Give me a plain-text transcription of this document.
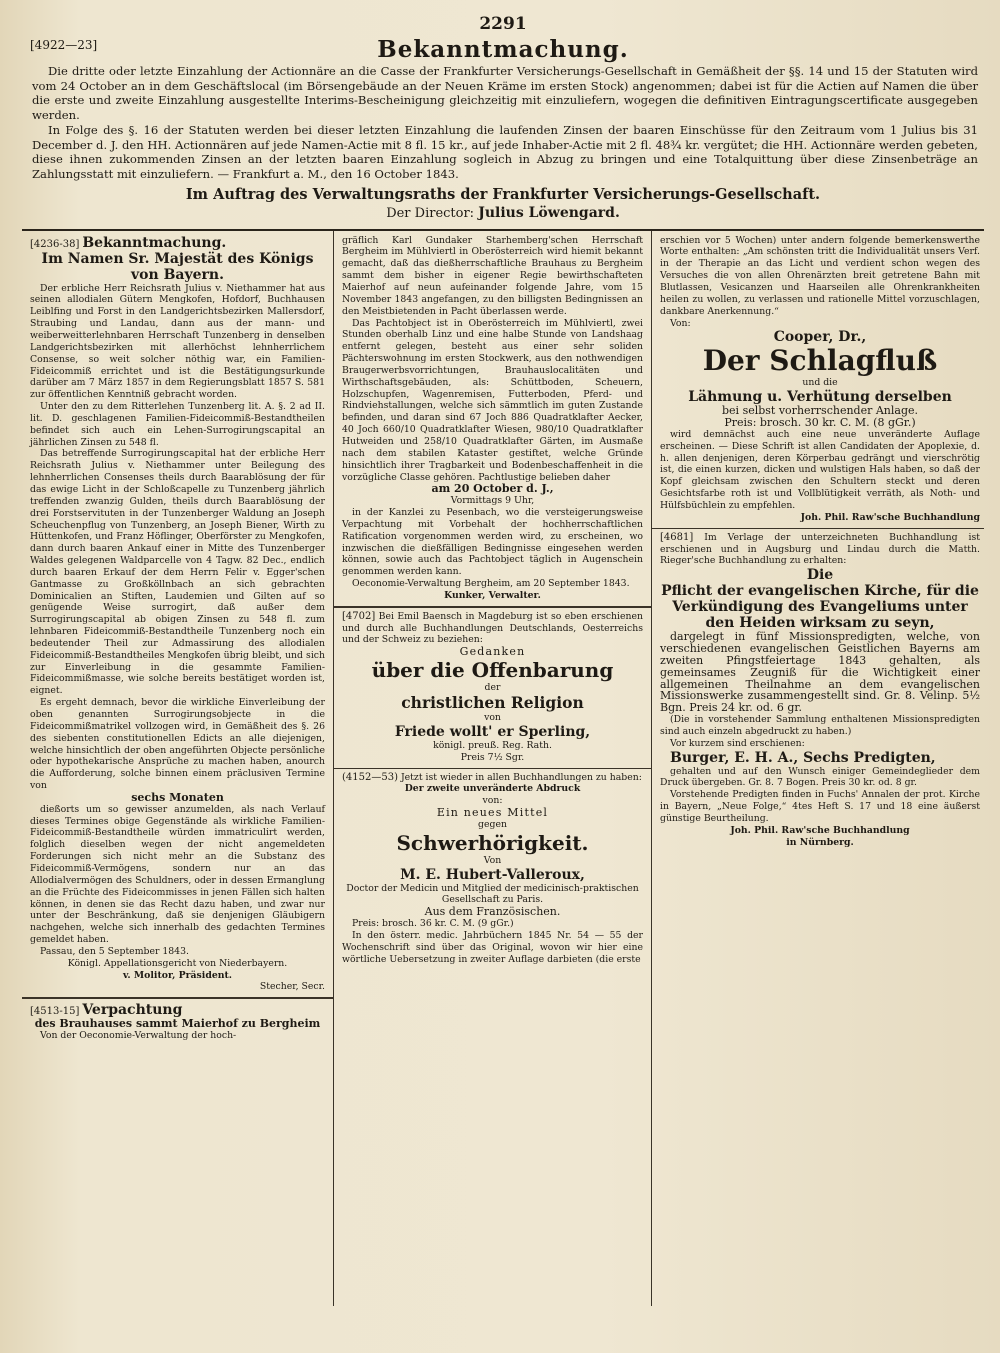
2291
[4922—23]	Bekanntmachung.

Die dritte oder letzte Einzahlung der Actionnäre an die Casse der Frankfurter Versicherungs-Gesellschaft in Gemäßheit der §§. 14 und 15 der Statuten wird vom 24 October an in dem Geschäftslocal (im Börsengebäude an der Neuen Kräme im ersten Stock) angenommen; dabei ist für die Actien auf Namen die über die erste und zweite Einzahlung ausgestellte Interims-Bescheinigung gleichzeitig mit einzuliefern, wogegen die definitiven Eintragungscertificate ausgegeben werden.

In Folge des §. 16 der Statuten werden bei dieser letzten Einzahlung die laufenden Zinsen der baaren Einschüsse für den Zeitraum vom 1 Julius bis 31 December d. J. den HH. Actionnären auf jede Namen-Actie mit 8 fl. 15 kr., auf jede Inhaber-Actie mit 2 fl. 48¾ kr. vergütet; die HH. Actionnäre werden gebeten, diese ihnen zukommenden Zinsen an der letzten baaren Einzahlung sogleich in Abzug zu bringen und eine Totalquittung über diese Zinsenbeträge an Zahlungsstatt mit einzuliefern. — Frankfurt a. M., den 16 October 1843.

Im Auftrag des Verwaltungsraths der Frankfurter Versicherungs-Gesellschaft.
Der Director: Julius Löwengard.

[4236-38] Bekanntmachung.

Im Namen Sr. Majestät des Königs von Bayern.

Der erbliche Herr Reichsrath Julius v. Niethammer hat aus seinen allodialen Gütern Mengkofen, Hofdorf, Buchhausen Leiblfing und Forst in den Landgerichtsbezirken Mallersdorf, Straubing und Landau, dann aus der mann- und weiberweitterlehnbaren Herrschaft Tunzenberg in denselben Landgerichtsbezirken mit allerhöchst lehnherrlichem Consense, so weit solcher nöthig war, ein Familien-Fideicommiß errichtet und ist die Bestätigungsurkunde darüber am 7 März 1857 in dem Regierungsblatt 1857 S. 581 zur öffentlichen Kenntniß gebracht worden.

Unter den zu dem Ritterlehen Tunzenberg lit. A. §. 2 ad II. lit. D. geschlagenen Familien-Fideicommiß-Bestandtheilen befindet sich auch ein Lehen-Surrogirungscapital an jährlichen Zinsen zu 548 fl.

Das betreffende Surrogirungscapital hat der erbliche Herr Reichsrath Julius v. Niethammer unter Beilegung des lehnherrlichen Consenses theils durch Baarablösung der für das ewige Licht in der Schloßcapelle zu Tunzenberg jährlich treffenden zwanzig Gulden, theils durch Baarablösung der drei Forstservituten in der Tunzenberger Waldung an Joseph Scheuchenpflug von Tunzenberg, an Joseph Biener, Wirth zu Hüttenkofen, und Franz Höflinger, Oberförster zu Mengkofen, dann durch baaren Ankauf einer in Mitte des Tunzenberger Waldes gelegenen Waldparcelle von 4 Tagw. 82 Dec., endlich durch baaren Erkauf der dem Herrn Felir v. Egger'schen Gantmasse zu Großköllnbach an sich gebrachten Dominicalien an Stiften, Laudemien und Gilten auf so genügende Weise surrogirt, daß außer dem Surrogirungscapital ab obigen Zinsen zu 548 fl. zum lehnbaren Fideicommiß-Bestandtheile Tunzenberg noch ein bedeutender Theil zur Admassirung des allodialen Fideicommiß-Bestandtheiles Mengkofen übrig bleibt, und sich zur Einverleibung in die gesammte Familien-Fideicommißmasse, wie solche bereits bestätiget worden ist, eignet.

Es ergeht demnach, bevor die wirkliche Einverleibung der oben genannten Surrogirungsobjecte in die Fideicommißmatrikel vollzogen wird, in Gemäßheit des §. 26 des siebenten constitutionellen Edicts an alle diejenigen, welche hinsichtlich der oben angeführten Objecte persönliche oder hypothekarische Ansprüche zu machen haben, anourch die Aufforderung, solche binnen einem präclusiven Termine von

sechs Monaten

dießorts um so gewisser anzumelden, als nach Verlauf dieses Termines obige Gegenstände als wirkliche Familien-Fideicommiß-Bestandtheile würden immatriculirt werden, folglich dieselben wegen der nicht angemeldeten Forderungen sich nicht mehr an die Substanz des Fideicommiß-Vermögens, sondern nur an das Allodialvermögen des Schuldners, oder in dessen Ermanglung an die Früchte des Fideicommisses in jenen Fällen sich halten können, in denen sie das Recht dazu haben, und zwar nur unter der Beschränkung, daß sie denjenigen Gläubigern nachgehen, welche sich innerhalb des gedachten Termines gemeldet haben.

Passau, den 5 September 1843.

Königl. Appellationsgericht von Niederbayern.

v. Molitor, Präsident.

Stecher, Secr.

[4513-15] Verpachtung

des Brauhauses sammt Maierhof zu Bergheim

Von der Oeconomie-Verwaltung der hoch-

gräflich Karl Gundaker Starhemberg'schen Herrschaft Bergheim im Mühlviertl in Oberösterreich wird hiemit bekannt gemacht, daß das dießherrschaftliche Brauhaus zu Bergheim sammt dem bisher in eigener Regie bewirthschafteten Maierhof auf neun aufeinander folgende Jahre, vom 15 November 1843 angefangen, zu den billigsten Bedingnissen an den Meistbietenden in Pacht überlassen werde.

Das Pachtobject ist in Oberösterreich im Mühlviertl, zwei Stunden oberhalb Linz und eine halbe Stunde von Landshaag entfernt gelegen, besteht aus einer sehr soliden Pächterswohnung im ersten Stockwerk, aus den nothwendigen Braugerwerbsvorrichtungen, Brauhauslocalitäten und Wirthschaftsgebäuden, als: Schüttboden, Scheuern, Holzschupfen, Wagenremisen, Futterboden, Pferd- und Rindviehstallungen, welche sich sämmtlich im guten Zustande befinden, und daran sind 67 Joch 886 Quadratklafter Aecker, 40 Joch 660/10 Quadratklafter Wiesen, 980/10 Quadratklafter Hutweiden und 258/10 Quadratklafter Gärten, im Ausmaße nach dem stabilen Kataster gestiftet, welche Gründe hinsichtlich ihrer Tragbarkeit und Bodenbeschaffenheit in die vorzügliche Classe gehören. Pachtlustige belieben daher

am 20 October d. J.,

Vormittags 9 Uhr,

in der Kanzlei zu Pesenbach, wo die versteigerungsweise Verpachtung mit Vorbehalt der hochherrschaftlichen Ratification vorgenommen werden wird, zu erscheinen, wo inzwischen die dießfälligen Bedingnisse eingesehen werden können, sowie auch das Pachtobject täglich in Augenschein genommen werden kann.

Oeconomie-Verwaltung Bergheim, am 20 September 1843.

Kunker, Verwalter.

[4702] Bei Emil Baensch in Magdeburg ist so eben erschienen und durch alle Buchhandlungen Deutschlands, Oesterreichs und der Schweiz zu beziehen:

Gedanken

über die Offenbarung

der

christlichen Religion

von

Friede wollt' er Sperling,

königl. preuß. Reg. Rath.

Preis 7½ Sgr.

(4152—53) Jetzt ist wieder in allen Buchhandlungen zu haben:

Der zweite unveränderte Abdruck

von:

Ein neues Mittel

gegen

Schwerhörigkeit.

Von

M. E. Hubert-Valleroux,

Doctor der Medicin und Mitglied der medicinisch-praktischen Gesellschaft zu Paris.

Aus dem Französischen.

Preis: brosch. 36 kr. C. M. (9 gGr.)

In den österr. medic. Jahrbüchern 1845 Nr. 54 — 55 der Wochenschrift sind über das Original, wovon wir hier eine wörtliche Uebersetzung in zweiter Auflage darbieten (die erste

erschien vor 5 Wochen) unter andern folgende bemerkenswerthe Worte enthalten: „Am schönsten tritt die Individualität unsers Verf. in der Therapie an das Licht und verdient schon wegen des Versuches die von allen Ohrenärzten breit getretene Bahn mit Blutlassen, Vesicanzen und Haarseilen alle Ohrenkrankheiten heilen zu wollen, zu verlassen und rationelle Mittel vorzuschlagen, dankbare Anerkennung.“

Von:

Cooper, Dr.,

Der Schlagfluß

und die

Lähmung u. Verhütung derselben

bei selbst vorherrschender Anlage.

Preis: brosch. 30 kr. C. M. (8 gGr.)

wird demnächst auch eine neue unveränderte Auflage erscheinen. — Diese Schrift ist allen Candidaten der Apoplexie, d. h. allen denjenigen, deren Körperbau gedrängt und vierschrötig ist, die einen kurzen, dicken und wulstigen Hals haben, so daß der Kopf gleichsam zwischen den Schultern steckt und deren Gesichtsfarbe roth ist und Vollblütigkeit verräth, als Noth- und Hülfsbüchlein zu empfehlen.

Joh. Phil. Raw'sche Buchhandlung

[4681] Im Verlage der unterzeichneten Buchhandlung ist erschienen und in Augsburg und Lindau durch die Matth. Rieger'sche Buchhandlung zu erhalten:

Die

Pflicht der evangelischen Kirche, für die Verkündigung des Evangeliums unter den Heiden wirksam zu seyn,

dargelegt in fünf Missionspredigten, welche, von verschiedenen evangelischen Geistlichen Bayerns am zweiten Pfingstfeiertage 1843 gehalten, als gemeinsames Zeugniß für die Wichtigkeit einer allgemeinen Theilnahme an dem evangelischen Missionswerke zusammengestellt sind. Gr. 8. Velinp. 5½ Bgn. Preis 24 kr. od. 6 gr.

(Die in vorstehender Sammlung enthaltenen Missionspredigten sind auch einzeln abgedruckt zu haben.)

Vor kurzem sind erschienen:

Burger, E. H. A., Sechs Predigten,

gehalten und auf den Wunsch einiger Gemeindeglieder dem Druck übergeben. Gr. 8. 7 Bogen. Preis 30 kr. od. 8 gr.

Vorstehende Predigten finden in Fuchs' Annalen der prot. Kirche in Bayern, „Neue Folge,“ 4tes Heft S. 17 und 18 eine äußerst günstige Beurtheilung.

Joh. Phil. Raw'sche Buchhandlung

in Nürnberg.
